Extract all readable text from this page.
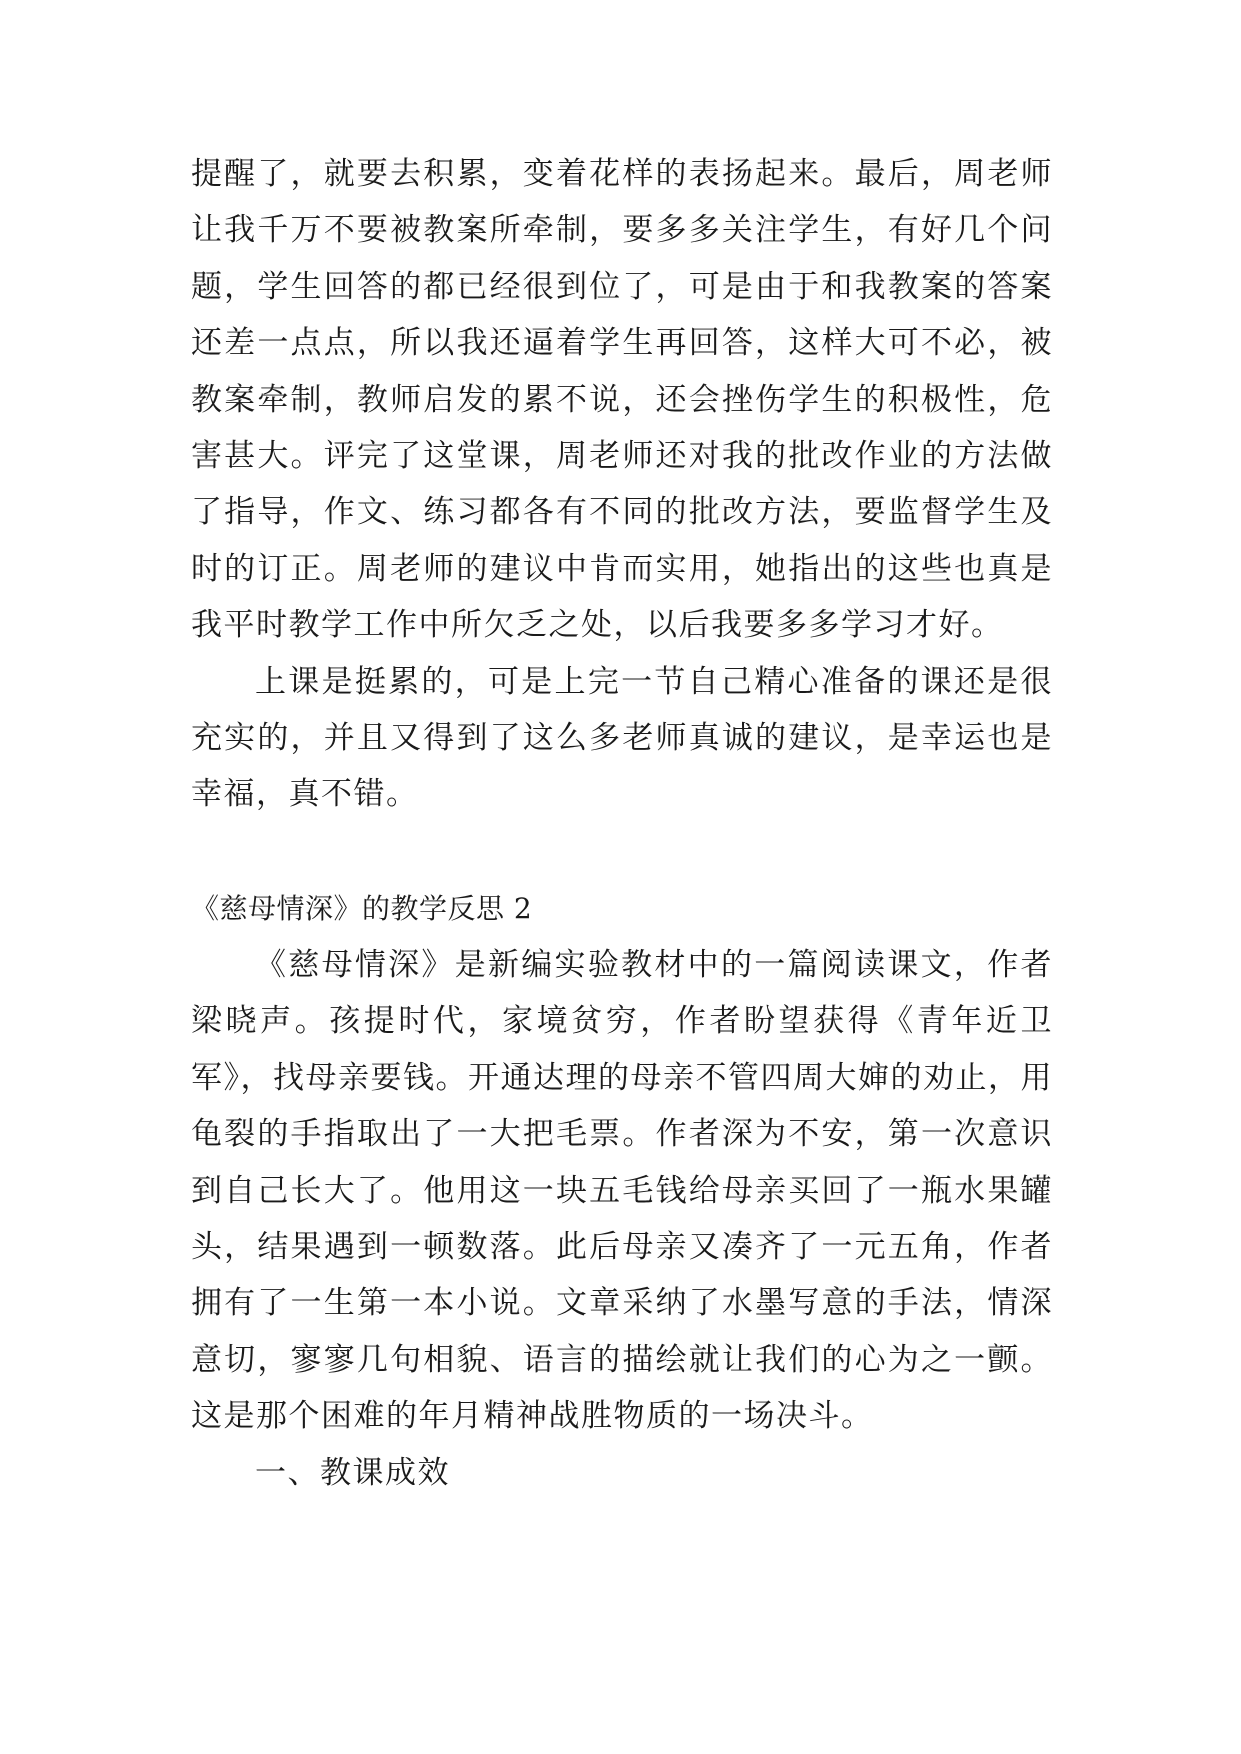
提醒了，就要去积累，变着花样的表扬起来。最后，周老师让我千万不要被教案所牵制，要多多关注学生，有好几个问题，学生回答的都已经很到位了，可是由于和我教案的答案还差一点点，所以我还逼着学生再回答，这样大可不必，被教案牵制，教师启发的累不说，还会挫伤学生的积极性，危害甚大。评完了这堂课，周老师还对我的批改作业的方法做了指导，作文、练习都各有不同的批改方法，要监督学生及时的订正。周老师的建议中肯而实用，她指出的这些也真是我平时教学工作中所欠乏之处，以后我要多多学习才好。

上课是挺累的，可是上完一节自己精心准备的课还是很充实的，并且又得到了这么多老师真诚的建议，是幸运也是幸福，真不错。

《慈母情深》的教学反思 2

《慈母情深》是新编实验教材中的一篇阅读课文，作者梁晓声。孩提时代，家境贫穷，作者盼望获得《青年近卫军》，找母亲要钱。开通达理的母亲不管四周大婶的劝止，用龟裂的手指取出了一大把毛票。作者深为不安，第一次意识到自己长大了。他用这一块五毛钱给母亲买回了一瓶水果罐头，结果遇到一顿数落。此后母亲又凑齐了一元五角，作者拥有了一生第一本小说。文章采纳了水墨写意的手法，情深意切，寥寥几句相貌、语言的描绘就让我们的心为之一颤。这是那个困难的年月精神战胜物质的一场决斗。

一、教课成效
